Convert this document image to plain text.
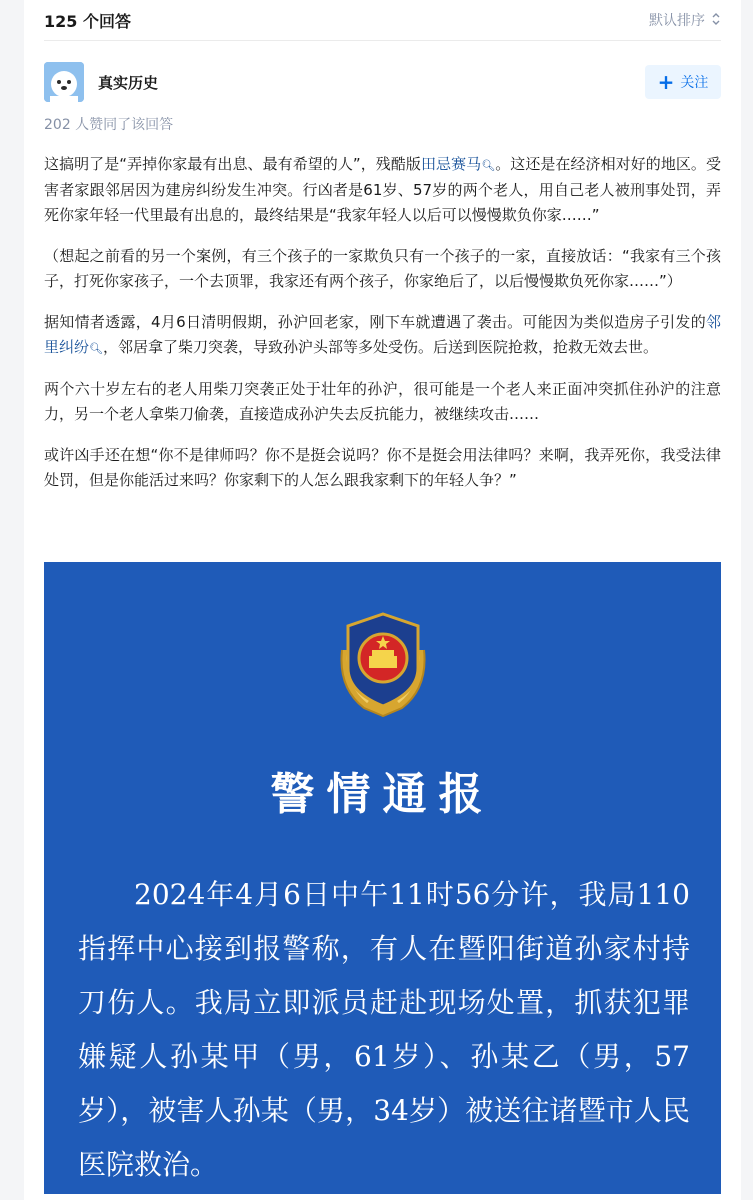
125 个回答	默认排序
真实历史	+ 关注
202 人赞同了该回答

这搞明了是“弄掉你家最有出息、最有希望的人”，残酷版田忌赛马🔍︎。这还是在经济相对好的地区。受害者家跟邻居因为建房纠纷发生冲突。行凶者是61岁、57岁的两个老人，用自己老人被刑事处罚，弄死你家年轻一代里最有出息的，最终结果是“我家年轻人以后可以慢慢欺负你家……”

（想起之前看的另一个案例，有三个孩子的一家欺负只有一个孩子的一家，直接放话：“我家有三个孩子，打死你家孩子，一个去顶罪，我家还有两个孩子，你家绝后了，以后慢慢欺负死你家……”）

据知情者透露，4月6日清明假期，孙沪回老家，刚下车就遭遇了袭击。可能因为类似造房子引发的邻里纠纷🔍︎，邻居拿了柴刀突袭，导致孙沪头部等多处受伤。后送到医院抢救，抢救无效去世。

两个六十岁左右的老人用柴刀突袭正处于壮年的孙沪，很可能是一个老人来正面冲突抓住孙沪的注意力，另一个老人拿柴刀偷袭，直接造成孙沪失去反抗能力，被继续攻击……

或许凶手还在想“你不是律师吗？你不是挺会说吗？你不是挺会用法律吗？来啊，我弄死你，我受法律处罚，但是你能活过来吗？你家剩下的人怎么跟我家剩下的年轻人争？”

警情通报
2024年4月6日中午11时56分许，我局110指挥中心接到报警称，有人在暨阳街道孙家村持刀伤人。我局立即派员赶赴现场处置，抓获犯罪嫌疑人孙某甲（男，61岁）、孙某乙（男，57岁），被害人孙某（男，34岁）被送往诸暨市人民医院救治。
